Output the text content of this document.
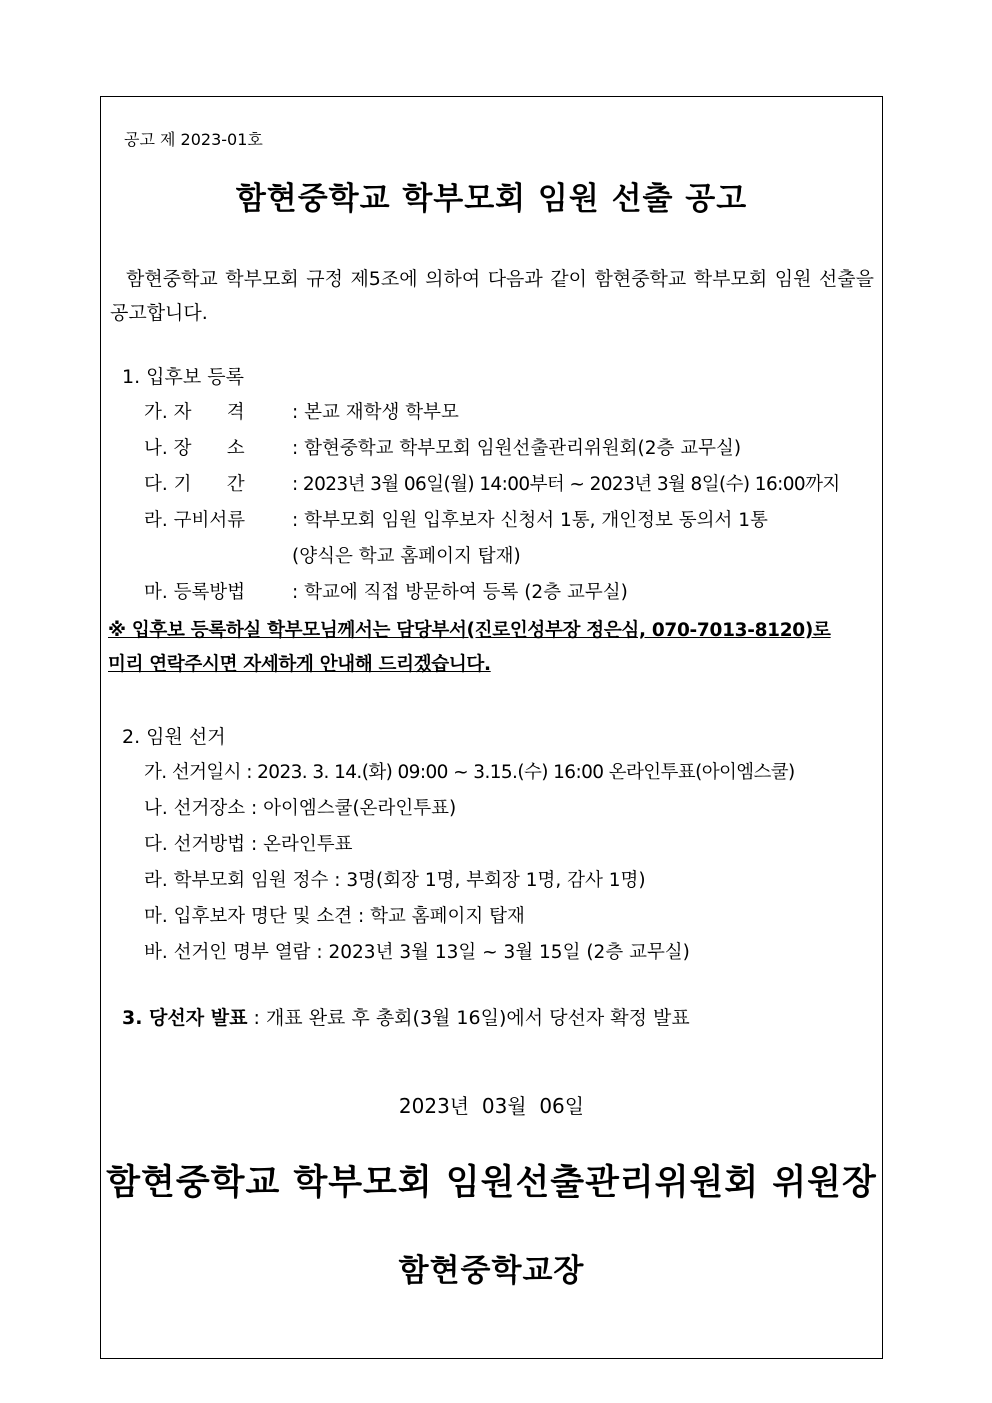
공고 제 2023-01호
함현중학교 학부모회 임원 선출 공고
함현중학교 학부모회 규정 제5조에 의하여 다음과 같이 함현중학교 학부모회 임원 선출을 공고합니다.
1. 입후보 등록
가. 자      격	: 본교 재학생 학부모
나. 장      소	: 함현중학교 학부모회 임원선출관리위원회(2층 교무실)
다. 기      간	: 2023년 3월 06일(월) 14:00부터 ~ 2023년 3월 8일(수) 16:00까지
라. 구비서류	: 학부모회 임원 입후보자 신청서 1통, 개인정보 동의서 1통
(양식은 학교 홈페이지 탑재)
마. 등록방법	: 학교에 직접 방문하여 등록 (2층 교무실)
※ 입후보 등록하실 학부모님께서는 담당부서(진로인성부장 정은심, 070-7013-8120)로
미리 연락주시면 자세하게 안내해 드리겠습니다.
2. 임원 선거
가. 선거일시 : 2023. 3. 14.(화) 09:00 ~ 3.15.(수) 16:00 온라인투표(아이엠스쿨)
나. 선거장소 : 아이엠스쿨(온라인투표)
다. 선거방법 : 온라인투표
라. 학부모회 임원 정수 : 3명(회장 1명, 부회장 1명, 감사 1명)
마. 입후보자 명단 및 소견 : 학교 홈페이지 탑재
바. 선거인 명부 열람 : 2023년 3월 13일 ~ 3월 15일 (2층 교무실)
3. 당선자 발표 : 개표 완료 후 총회(3월 16일)에서 당선자 확정 발표
2023년  03월  06일
함현중학교 학부모회 임원선출관리위원회 위원장
함현중학교장
